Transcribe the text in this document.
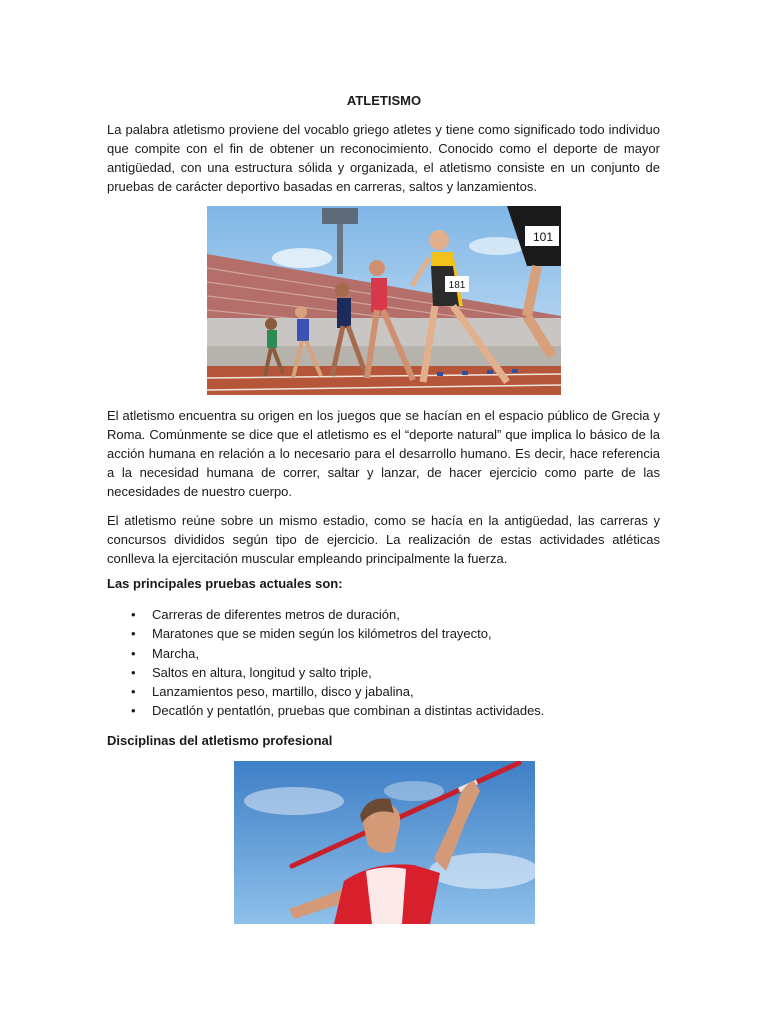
ATLETISMO

La palabra atletismo proviene del vocablo griego atletes y tiene como significado todo individuo que compite con el fin de obtener un reconocimiento. Conocido como el deporte de mayor antigüedad, con una estructura sólida y organizada, el atletismo consiste en un conjunto de pruebas de carácter deportivo basadas en carreras, saltos y lanzamientos.

181
101

El atletismo encuentra su origen en los juegos que se hacían en el espacio público de Grecia y Roma. Comúnmente se dice que el atletismo es el “deporte natural” que implica lo básico de la acción humana en relación a lo necesario para el desarrollo humano. Es decir, hace referencia a la necesidad humana de correr, saltar y lanzar, de hacer ejercicio como parte de las necesidades de nuestro cuerpo.

El atletismo reúne sobre un mismo estadio, como se hacía en la antigüedad, las carreras y concursos divididos según tipo de ejercicio. La realización de estas actividades atléticas conlleva la ejercitación muscular empleando principalmente la fuerza.

Las principales pruebas actuales son:

• Carreras de diferentes metros de duración,
• Maratones que se miden según los kilómetros del trayecto,
• Marcha,
• Saltos en altura, longitud y salto triple,
• Lanzamientos peso, martillo, disco y jabalina,
• Decatlón y pentatlón, pruebas que combinan a distintas actividades.

Disciplinas del atletismo profesional
